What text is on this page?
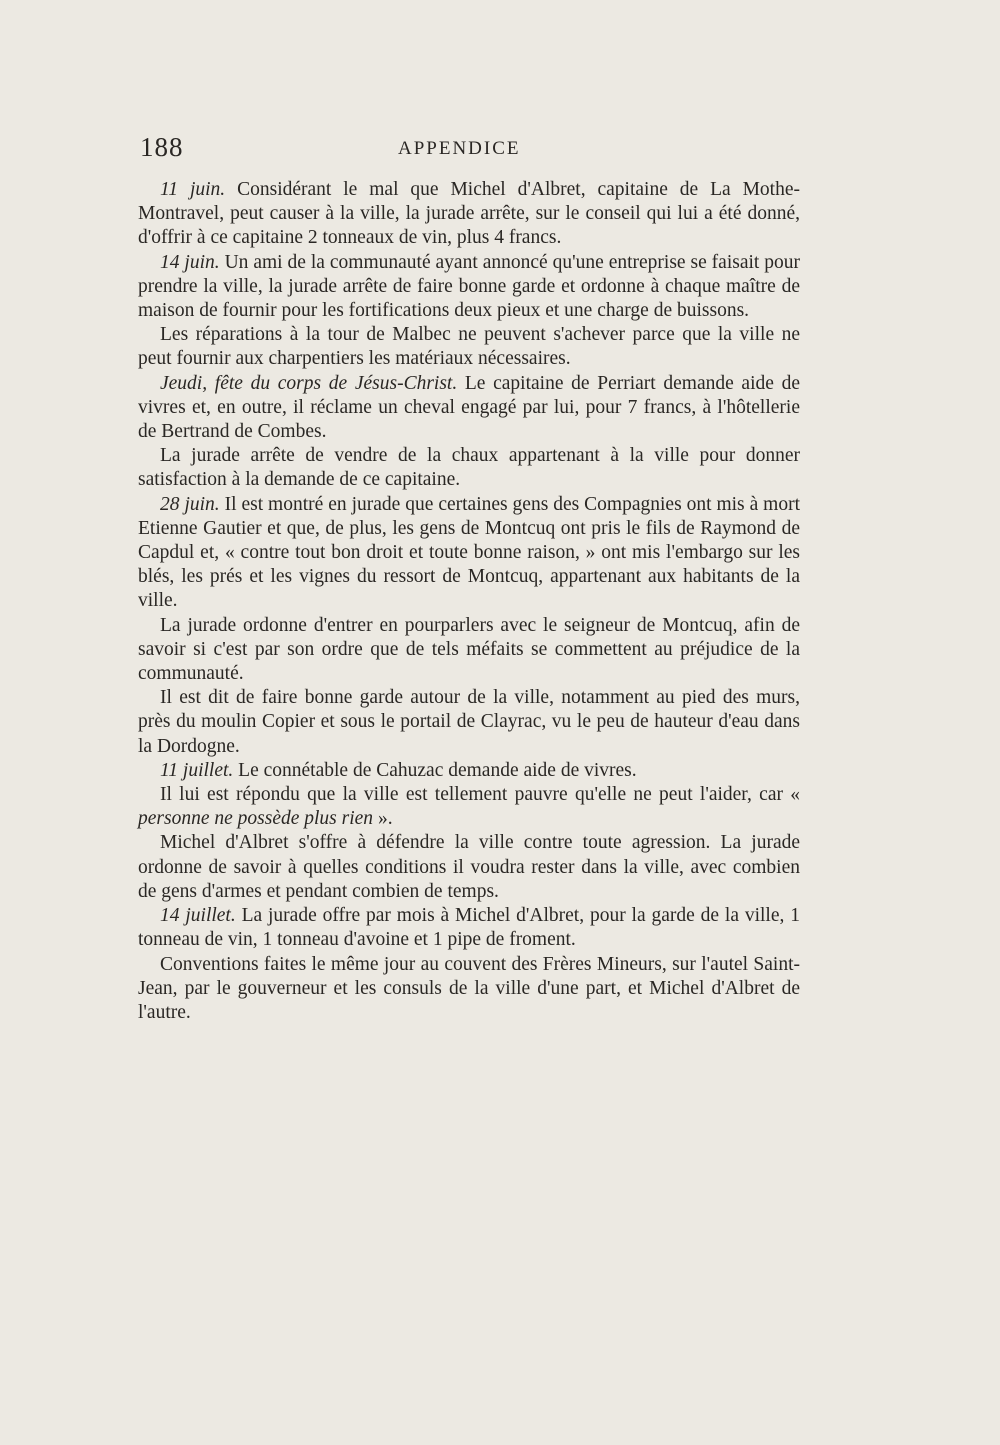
188	APPENDICE

11 juin. Considérant le mal que Michel d'Albret, capitaine de La Mothe-Montravel, peut causer à la ville, la jurade arrête, sur le conseil qui lui a été donné, d'offrir à ce capitaine 2 tonneaux de vin, plus 4 francs.

14 juin. Un ami de la communauté ayant annoncé qu'une entreprise se faisait pour prendre la ville, la jurade arrête de faire bonne garde et ordonne à chaque maître de maison de fournir pour les fortifications deux pieux et une charge de buissons.

Les réparations à la tour de Malbec ne peuvent s'achever parce que la ville ne peut fournir aux charpentiers les matériaux nécessaires.

Jeudi, fête du corps de Jésus-Christ. Le capitaine de Perriart demande aide de vivres et, en outre, il réclame un cheval engagé par lui, pour 7 francs, à l'hôtellerie de Bertrand de Combes.

La jurade arrête de vendre de la chaux appartenant à la ville pour donner satisfaction à la demande de ce capitaine.

28 juin. Il est montré en jurade que certaines gens des Compagnies ont mis à mort Etienne Gautier et que, de plus, les gens de Montcuq ont pris le fils de Raymond de Capdul et, « contre tout bon droit et toute bonne raison, » ont mis l'embargo sur les blés, les prés et les vignes du ressort de Montcuq, appartenant aux habitants de la ville.

La jurade ordonne d'entrer en pourparlers avec le seigneur de Montcuq, afin de savoir si c'est par son ordre que de tels méfaits se commettent au préjudice de la communauté.

Il est dit de faire bonne garde autour de la ville, notamment au pied des murs, près du moulin Copier et sous le portail de Clayrac, vu le peu de hauteur d'eau dans la Dordogne.

11 juillet. Le connétable de Cahuzac demande aide de vivres.

Il lui est répondu que la ville est tellement pauvre qu'elle ne peut l'aider, car « personne ne possède plus rien ».

Michel d'Albret s'offre à défendre la ville contre toute agression. La jurade ordonne de savoir à quelles conditions il voudra rester dans la ville, avec combien de gens d'armes et pendant combien de temps.

14 juillet. La jurade offre par mois à Michel d'Albret, pour la garde de la ville, 1 tonneau de vin, 1 tonneau d'avoine et 1 pipe de froment.

Conventions faites le même jour au couvent des Frères Mineurs, sur l'autel Saint-Jean, par le gouverneur et les consuls de la ville d'une part, et Michel d'Albret de l'autre.
